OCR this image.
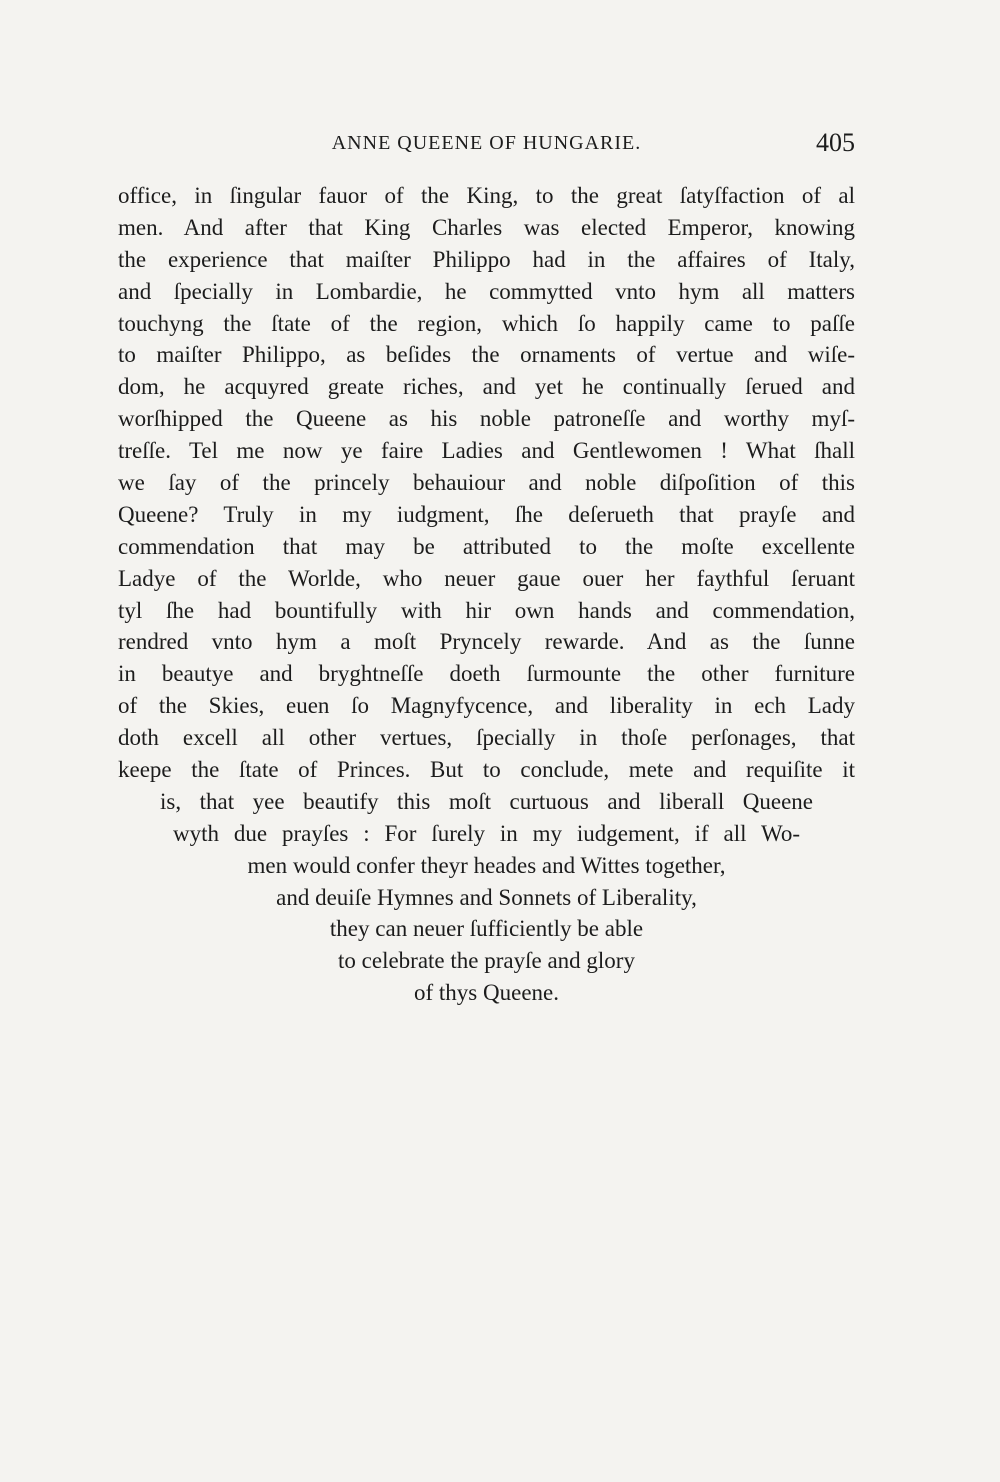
ANNE QUEENE OF HUNGARIE.	405
office, in ſingular fauor of the King, to the great ſatyſfaction of al
men. And after that King Charles was elected Emperor, knowing
the experience that maiſter Philippo had in the affaires of Italy,
and ſpecially in Lombardie, he commytted vnto hym all matters
touchyng the ſtate of the region, which ſo happily came to paſſe
to maiſter Philippo, as beſides the ornaments of vertue and wiſe-
dom, he acquyred greate riches, and yet he continually ſerued and
worſhipped the Queene as his noble patroneſſe and worthy myſ-
treſſe. Tel me now ye faire Ladies and Gentlewomen ! What ſhall
we ſay of the princely behauiour and noble diſpoſition of this
Queene? Truly in my iudgment, ſhe deſerueth that prayſe and
commendation that may be attributed to the moſte excellente
Ladye of the Worlde, who neuer gaue ouer her faythful ſeruant
tyl ſhe had bountifully with hir own hands and commendation,
rendred vnto hym a moſt Pryncely rewarde. And as the ſunne
in beautye and bryghtneſſe doeth ſurmounte the other furniture
of the Skies, euen ſo Magnyfycence, and liberality in ech Lady
doth excell all other vertues, ſpecially in thoſe perſonages, that
keepe the ſtate of Princes. But to conclude, mete and requiſite it
is, that yee beautify this moſt curtuous and liberall Queene
wyth due prayſes : For ſurely in my iudgement, if all Wo-
men would confer theyr heades and Wittes together,
and deuiſe Hymnes and Sonnets of Liberality,
they can neuer ſufficiently be able
to celebrate the prayſe and glory
of thys Queene.
